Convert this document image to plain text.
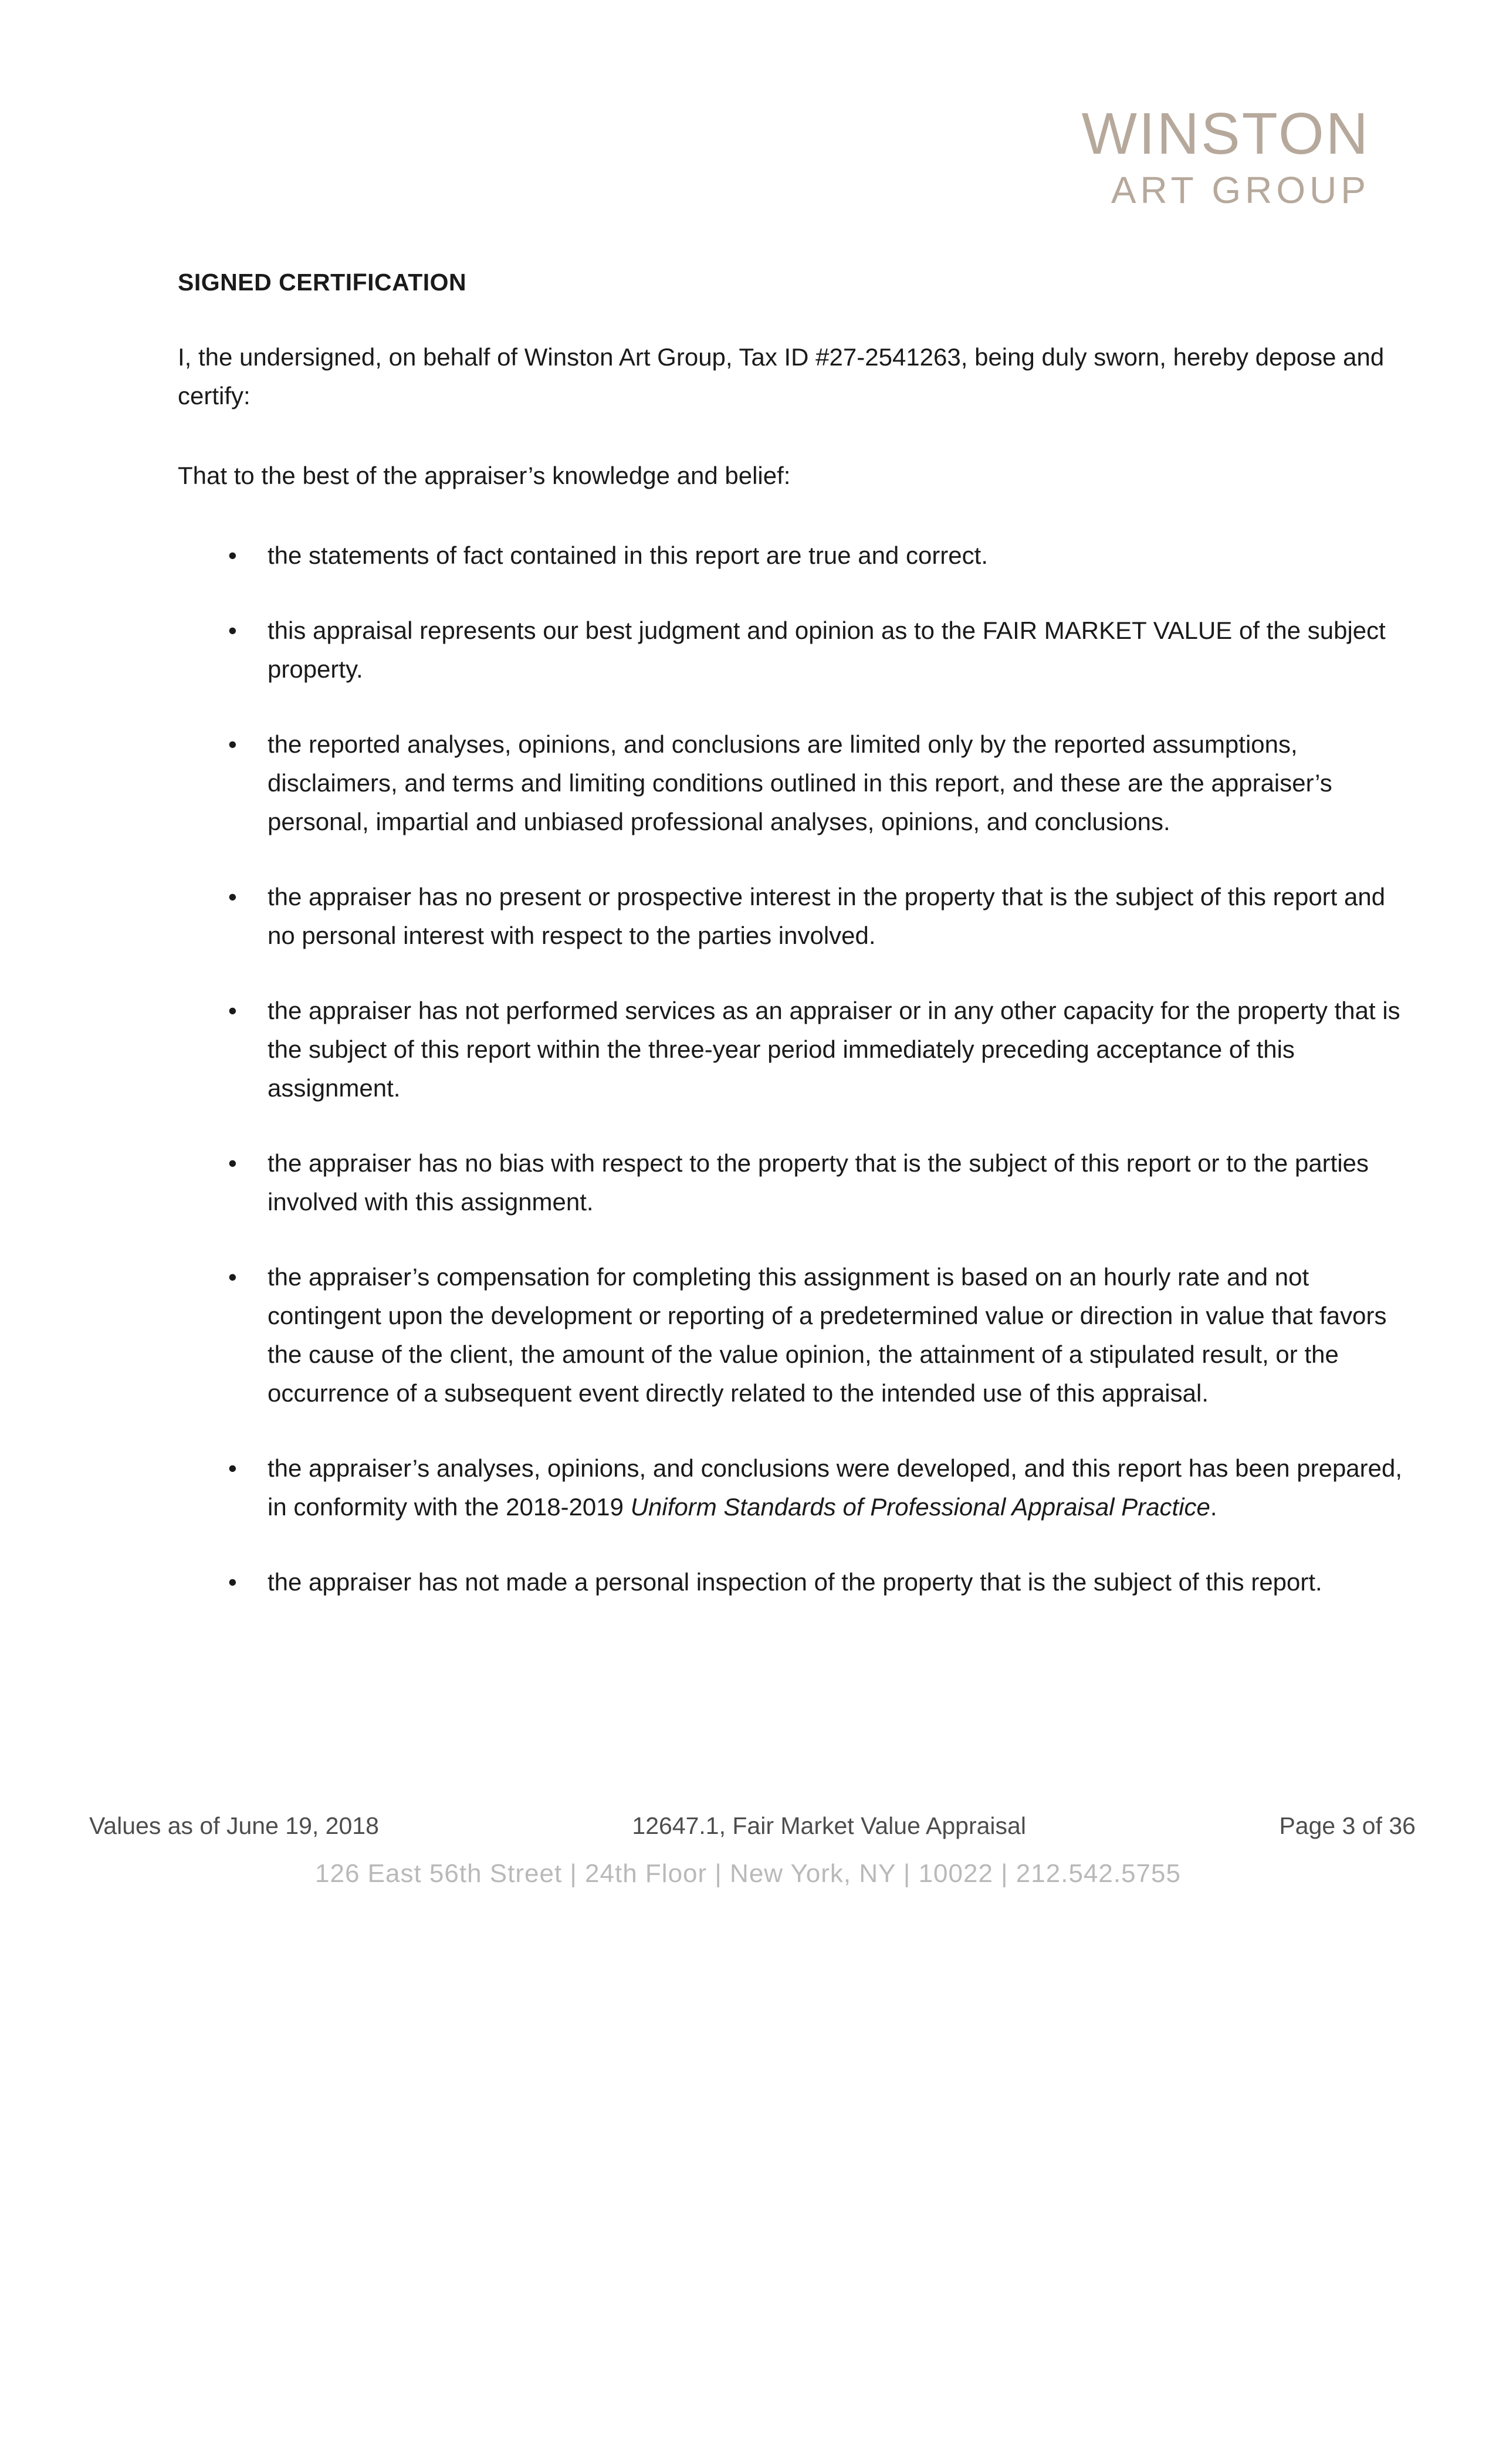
WINSTON
ART GROUP
SIGNED CERTIFICATION

I, the undersigned, on behalf of Winston Art Group, Tax ID #27-2541263, being duly sworn, hereby depose and certify:

That to the best of the appraiser’s knowledge and belief:

• the statements of fact contained in this report are true and correct.
• this appraisal represents our best judgment and opinion as to the FAIR MARKET VALUE of the subject property.
• the reported analyses, opinions, and conclusions are limited only by the reported assumptions, disclaimers, and terms and limiting conditions outlined in this report, and these are the appraiser’s personal, impartial and unbiased professional analyses, opinions, and conclusions.
• the appraiser has no present or prospective interest in the property that is the subject of this report and no personal interest with respect to the parties involved.
• the appraiser has not performed services as an appraiser or in any other capacity for the property that is the subject of this report within the three-year period immediately preceding acceptance of this assignment.
• the appraiser has no bias with respect to the property that is the subject of this report or to the parties involved with this assignment.
• the appraiser’s compensation for completing this assignment is based on an hourly rate and not contingent upon the development or reporting of a predetermined value or direction in value that favors the cause of the client, the amount of the value opinion, the attainment of a stipulated result, or the occurrence of a subsequent event directly related to the intended use of this appraisal.
• the appraiser’s analyses, opinions, and conclusions were developed, and this report has been prepared, in conformity with the 2018-2019 Uniform Standards of Professional Appraisal Practice.
• the appraiser has not made a personal inspection of the property that is the subject of this report.
Values as of June 19, 2018	12647.1, Fair Market Value Appraisal	Page 3 of 36
126 East 56th Street | 24th Floor | New York, NY | 10022 | 212.542.5755
